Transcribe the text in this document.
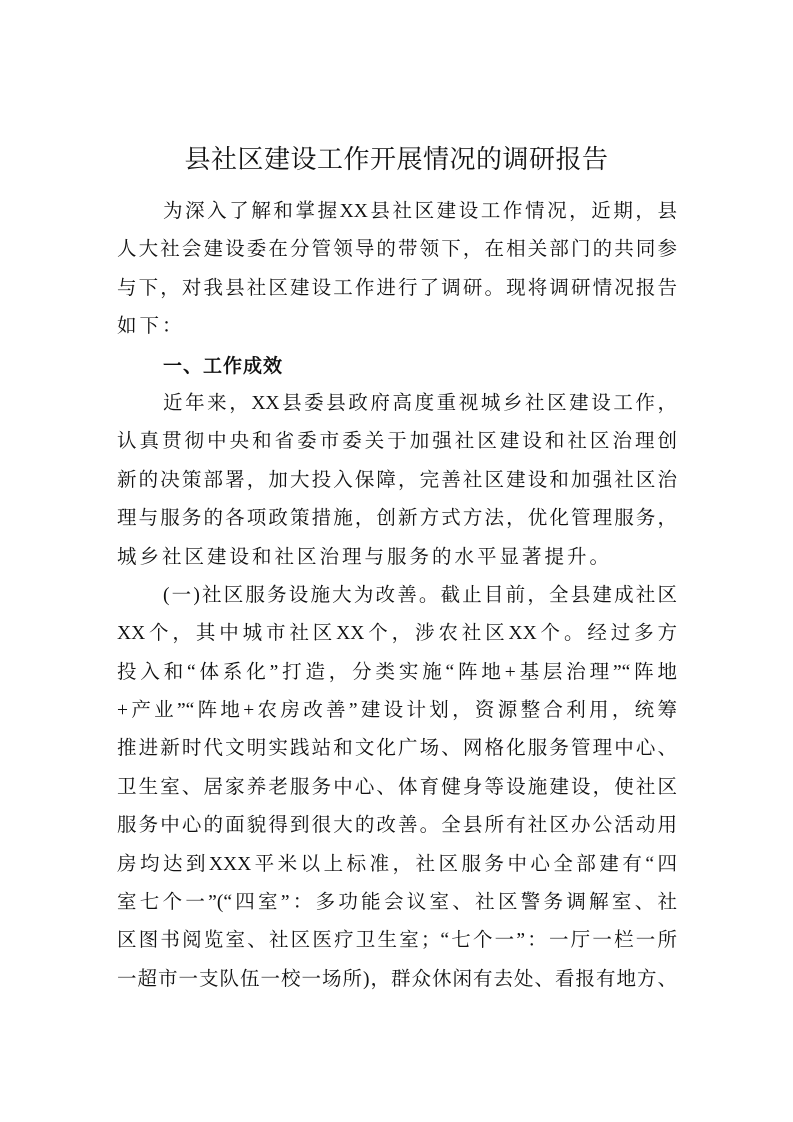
县社区建设工作开展情况的调研报告
为深入了解和掌握XX县社区建设工作情况，近期，县
人大社会建设委在分管领导的带领下，在相关部门的共同参
与下，对我县社区建设工作进行了调研。现将调研情况报告
如下：
一、工作成效
近年来，XX县委县政府高度重视城乡社区建设工作，
认真贯彻中央和省委市委关于加强社区建设和社区治理创
新的决策部署，加大投入保障，完善社区建设和加强社区治
理与服务的各项政策措施，创新方式方法，优化管理服务，
城乡社区建设和社区治理与服务的水平显著提升。
(一)社区服务设施大为改善。截止目前，全县建成社区
XX个，其中城市社区XX个，涉农社区XX个。经过多方
投入和“体系化”打造，分类实施“阵地+基层治理”“阵地
+产业”“阵地+农房改善”建设计划，资源整合利用，统筹
推进新时代文明实践站和文化广场、网格化服务管理中心、
卫生室、居家养老服务中心、体育健身等设施建设，使社区
服务中心的面貌得到很大的改善。全县所有社区办公活动用
房均达到XXX平米以上标准，社区服务中心全部建有“四
室七个一”(“四室”：多功能会议室、社区警务调解室、社
区图书阅览室、社区医疗卫生室；“七个一”：一厅一栏一所
一超市一支队伍一校一场所)，群众休闲有去处、看报有地方、
